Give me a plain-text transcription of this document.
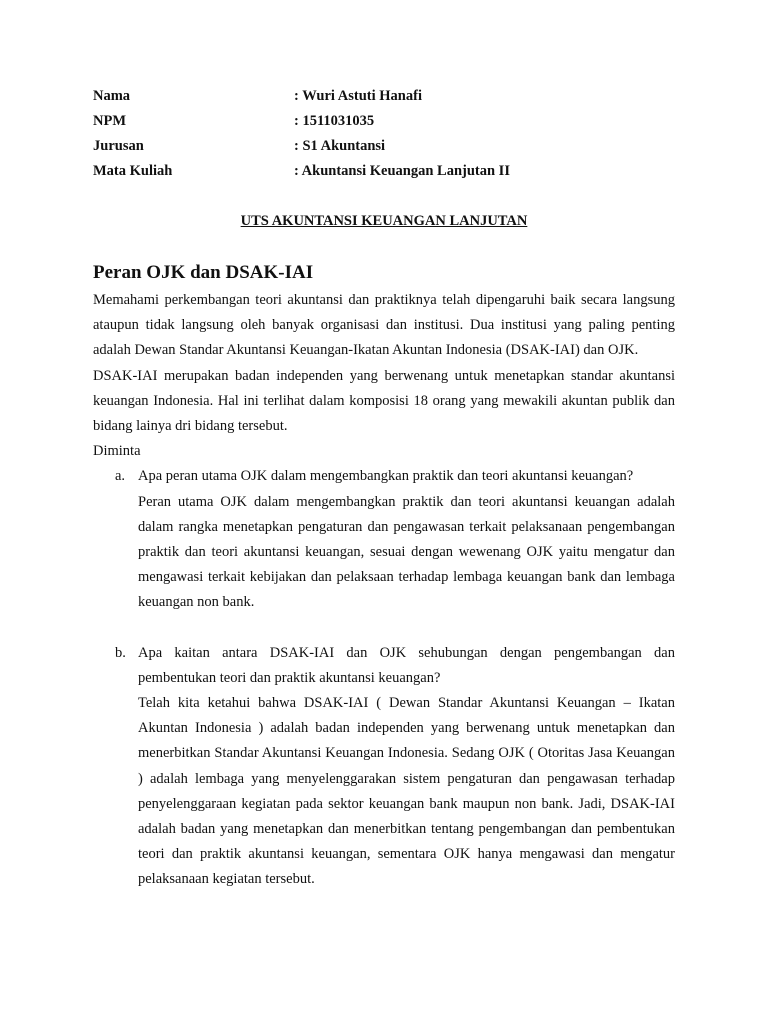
Nama	: Wuri Astuti Hanafi
NPM	: 1511031035
Jurusan	: S1 Akuntansi
Mata Kuliah	: Akuntansi Keuangan Lanjutan II
UTS AKUNTANSI KEUANGAN LANJUTAN
Peran OJK dan DSAK-IAI

Memahami perkembangan teori akuntansi dan praktiknya telah dipengaruhi baik secara langsung ataupun tidak langsung oleh banyak organisasi dan institusi. Dua institusi yang paling penting adalah Dewan Standar Akuntansi Keuangan-Ikatan Akuntan Indonesia (DSAK-IAI) dan OJK.

DSAK-IAI merupakan badan independen yang berwenang untuk menetapkan standar akuntansi keuangan Indonesia. Hal ini terlihat dalam komposisi 18 orang yang mewakili akuntan publik dan bidang lainya dri bidang tersebut.

Diminta

a. Apa peran utama OJK dalam mengembangkan praktik dan teori akuntansi keuangan?

Peran utama OJK dalam mengembangkan praktik dan teori akuntansi keuangan adalah dalam rangka menetapkan pengaturan dan pengawasan terkait pelaksanaan pengembangan praktik dan teori akuntansi keuangan, sesuai dengan wewenang OJK yaitu mengatur dan mengawasi terkait kebijakan dan pelaksaan terhadap lembaga keuangan bank dan lembaga keuangan non bank.

b. Apa kaitan antara DSAK-IAI dan OJK sehubungan dengan pengembangan dan pembentukan teori dan praktik akuntansi keuangan?

Telah kita ketahui bahwa DSAK-IAI ( Dewan Standar Akuntansi Keuangan – Ikatan Akuntan Indonesia ) adalah badan independen yang berwenang untuk menetapkan dan menerbitkan Standar Akuntansi Keuangan Indonesia. Sedang OJK ( Otoritas Jasa Keuangan ) adalah lembaga yang menyelenggarakan sistem pengaturan dan pengawasan terhadap penyelenggaraan kegiatan pada sektor keuangan bank maupun non bank. Jadi, DSAK-IAI adalah badan yang menetapkan dan menerbitkan tentang pengembangan dan pembentukan teori dan praktik akuntansi keuangan, sementara OJK hanya mengawasi dan mengatur pelaksanaan kegiatan tersebut.
